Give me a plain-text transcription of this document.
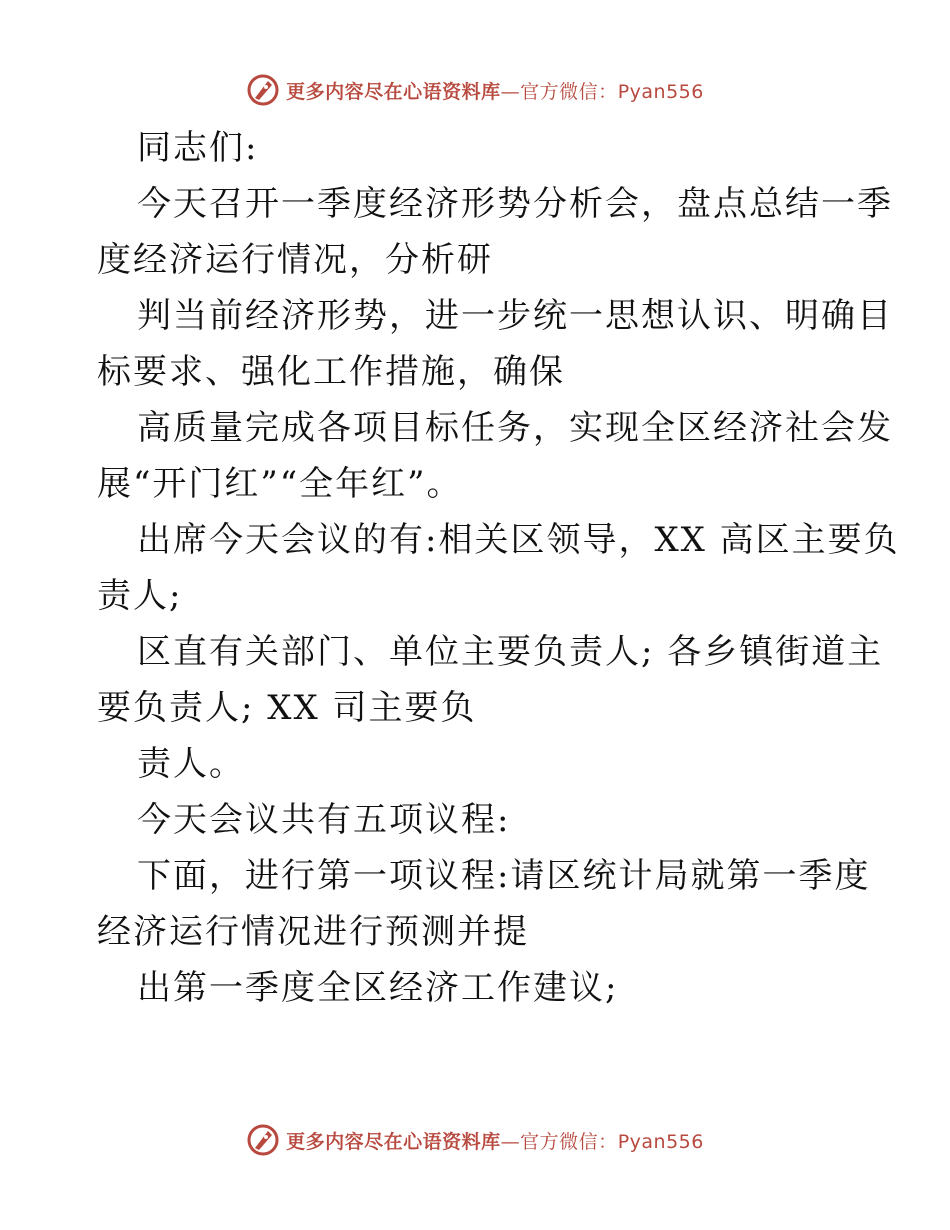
更多内容尽在心语资料库—官方微信：Pyan556
同志们:
今天召开一季度经济形势分析会，盘点总结一季
度经济运行情况，分析研
判当前经济形势，进一步统一思想认识、明确目
标要求、强化工作措施，确保
高质量完成各项目标任务，实现全区经济社会发
展“开门红”“全年红”。
出席今天会议的有:相关区领导，XX 高区主要负
责人;
区直有关部门、单位主要负责人; 各乡镇街道主
要负责人; XX 司主要负
责人。
今天会议共有五项议程:
下面，进行第一项议程:请区统计局就第一季度
经济运行情况进行预测并提
出第一季度全区经济工作建议;
更多内容尽在心语资料库—官方微信：Pyan556
